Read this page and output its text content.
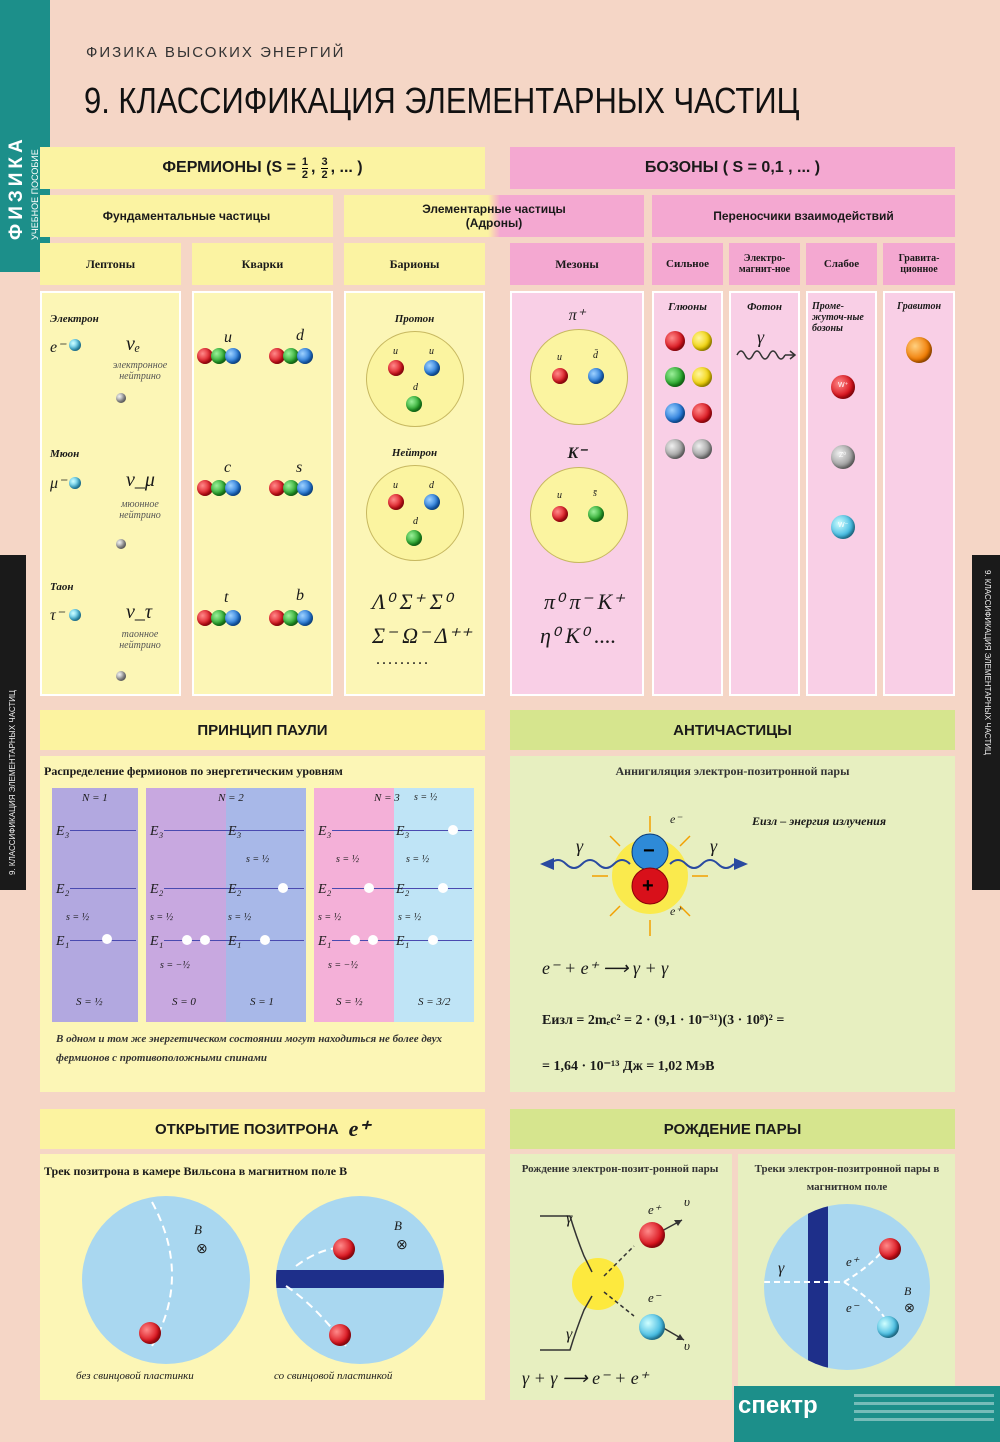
ФИЗИКА УЧЕБНОЕ ПОСОБИЕ
9. КЛАССИФИКАЦИЯ ЭЛЕМЕНТАРНЫХ ЧАСТИЦ
9. КЛАССИФИКАЦИЯ ЭЛЕМЕНТАРНЫХ ЧАСТИЦ
ФИЗИКА ВЫСОКИХ ЭНЕРГИЙ
9. КЛАССИФИКАЦИЯ ЭЛЕМЕНТАРНЫХ ЧАСТИЦ
ФЕРМИОНЫ ($S = \frac{1}{2}$ , 3
2 , ... )	БОЗОНЫ ( S = 0,1 , ... )
Фундаментальные частицы	Элементарные частицы (Адроны)	Переносчики взаимодействий
Лептоны	Кварки	Барионы	Мезоны	Сильное	Электро-магнит-ное	Слабое	Гравита-ционное
Электрон
e⁻	νₑ
электронное нейтрино
Мюон
μ⁻	ν_μ
мюонное нейтрино
Таон
τ⁻	ν_τ
таонное нейтрино
u	d
c	s
t	b
Протон
u	u
d
Нейтрон
u	d
d
Λ⁰ Σ⁺ Σ⁰
Σ⁻ Ω⁻ Δ⁺⁺
.........
π⁺
u	d̄
K⁻
u	s̄
π⁰ π⁻ K⁺
η⁰ K⁰ ....
Глюоны

	Фотон
γ
Проме-жуточ-ные бозоны
W⁺
Z⁰
W⁻
Гравитон
ПРИНЦИП ПАУЛИ
Распределение фермионов по энергетическим уровням
N = 1
E₃
E₂
E₁
s = ½
S = ½
N = 2
E₃	E₃
E₂	E₂
s = ½
E₁	E₁
s = ½
s = −½
s = ½
S = 0	S = 1
N = 3 s = ½
E₃	E₃
s = ½	s = ½
E₂	E₂
E₁	E₁
s = ½	s = ½
s = −½
S = ½	S = 3/2
В одном и том же энергетическом состоянии могут находиться не более двух фермионов с противоположными спинами
АНТИЧАСТИЦЫ
Аннигиляция электрон-позитронной пары
Eизл – энергия излучения
−
+
γ	γ
e⁻
e⁺
e⁻ + e⁺ ⟶ γ + γ
Eизл = 2mₑc² = 2 · (9,1 · 10⁻³¹)(3 · 10⁸)² =
= 1,64 · 10⁻¹³ Дж = 1,02 МэВ
ОТКРЫТИЕ ПОЗИТРОНА e⁺
Трек позитрона в камере Вильсона в магнитном поле B
B⃗
⊗
B⃗
⊗
без свинцовой пластинки	со свинцовой пластинкой
РОЖДЕНИЕ ПАРЫ
Рождение электрон-позит-ронной пары
γ
γ
e⁺
υ⃗
e⁻
υ⃗
γ + γ ⟶ e⁻ + e⁺
Треки электрон-позитронной пары в магнитном поле
γ	e⁺
e⁻
B⃗
⊗
спектр
